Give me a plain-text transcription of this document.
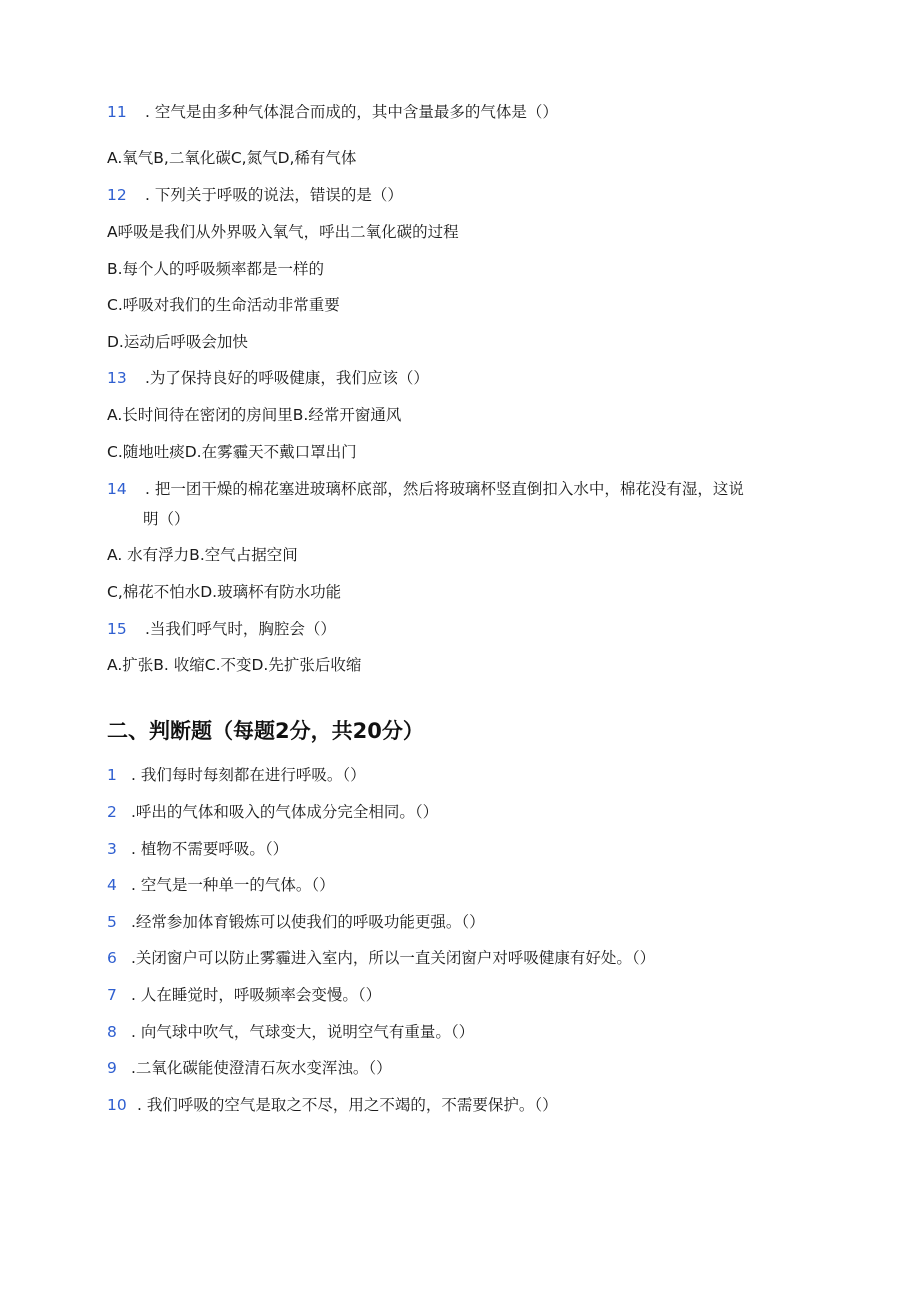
11 . 空气是由多种气体混合而成的，其中含量最多的气体是（）
A.氧气B,二氧化碳C,氮气D,稀有气体
12 . 下列关于呼吸的说法，错误的是（）
A呼吸是我们从外界吸入氧气，呼出二氧化碳的过程
B.每个人的呼吸频率都是一样的
C.呼吸对我们的生命活动非常重要
D.运动后呼吸会加快
13 .为了保持良好的呼吸健康，我们应该（）
A.长时间待在密闭的房间里B.经常开窗通风
C.随地吐痰D.在雾霾天不戴口罩出门
14 . 把一团干燥的棉花塞进玻璃杯底部，然后将玻璃杯竖直倒扣入水中，棉花没有湿，这说
明（）
A. 水有浮力B.空气占据空间
C,棉花不怕水D.玻璃杯有防水功能
15 .当我们呼气时，胸腔会（）
A.扩张B. 收缩C.不变D.先扩张后收缩
二、判断题（每题2分，共20分）
1 . 我们每时每刻都在进行呼吸。（）
2 .呼出的气体和吸入的气体成分完全相同。（）
3 . 植物不需要呼吸。（）
4 . 空气是一种单一的气体。（）
5 .经常参加体育锻炼可以使我们的呼吸功能更强。（）
6 .关闭窗户可以防止雾霾进入室内，所以一直关闭窗户对呼吸健康有好处。（）
7 . 人在睡觉时，呼吸频率会变慢。（）
8 . 向气球中吹气，气球变大，说明空气有重量。（）
9 .二氧化碳能使澄清石灰水变浑浊。（）
10 . 我们呼吸的空气是取之不尽，用之不竭的，不需要保护。（）
